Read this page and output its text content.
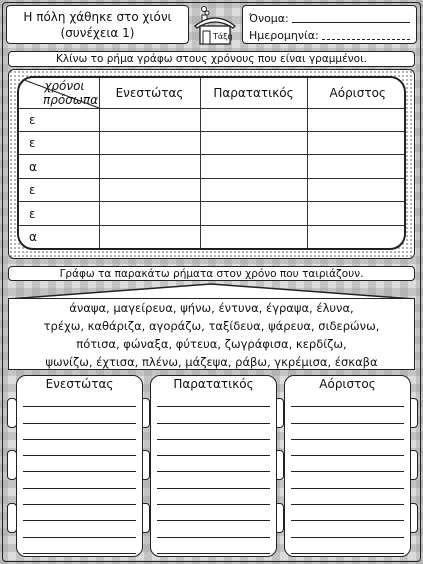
Η πόλη χάθηκε στο χιόνι
(συνέχεια 1)	Τάξη
Όνομα:
Ημερομηνία:
Κλίνω το ρήμα γράφω στους χρόνους που είναι γραμμένοι.
χρόνοι
πρόσωπα	Ενεστώτας	Παρατατικός	Αόριστος
ε			
ε			
α			
ε			
ε			
α			
Γράφω τα παρακάτω ρήματα στον χρόνο που ταιριάζουν.
άναψα, μαγείρευα, ψήνω, έντυνα, έγραψα, έλυνα,
τρέχω, καθάριζα, αγοράζω, ταξίδευα, ψάρευα, σιδερώνω,
πότισα, φώναξα, φύτευα, ζωγράφισα, κερδίζω,
ψωνίζω, έχτισα, πλένω, μάζεψα, ράβω, γκρέμισα, έσκαβα
Ενεστώτας	Παρατατικός	Αόριστος
